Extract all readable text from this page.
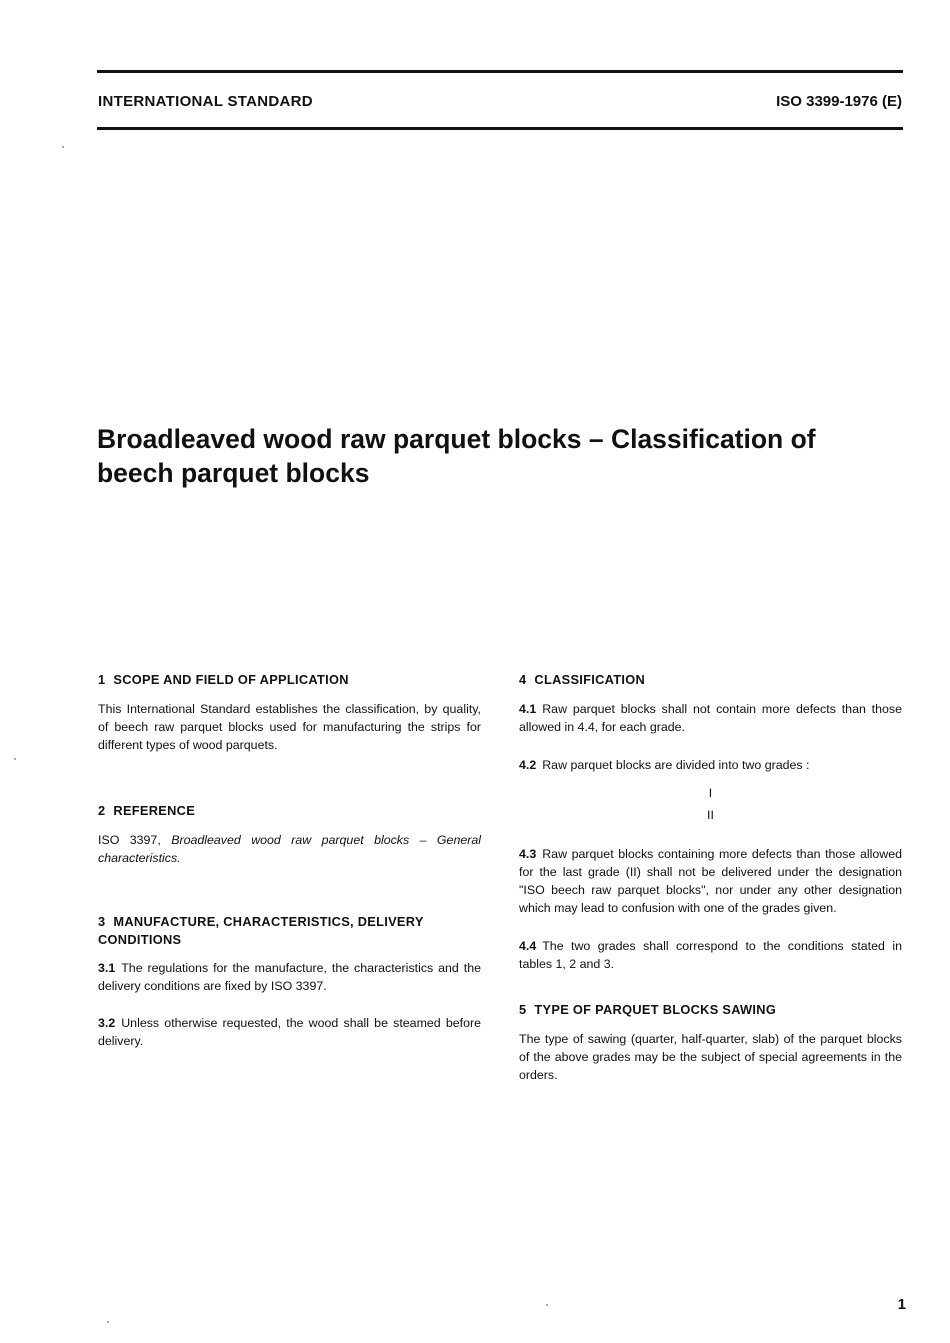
INTERNATIONAL STANDARD	ISO 3399-1976 (E)
Broadleaved wood raw parquet blocks – Classification of beech parquet blocks

1 SCOPE AND FIELD OF APPLICATION

This International Standard establishes the classification, by quality, of beech raw parquet blocks used for manufacturing the strips for different types of wood parquets.

2 REFERENCE

ISO 3397, Broadleaved wood raw parquet blocks – General characteristics.

3 MANUFACTURE, CHARACTERISTICS, DELIVERY CONDITIONS

3.1 The regulations for the manufacture, the characteristics and the delivery conditions are fixed by ISO 3397.

3.2 Unless otherwise requested, the wood shall be steamed before delivery.

4 CLASSIFICATION

4.1 Raw parquet blocks shall not contain more defects than those allowed in 4.4, for each grade.

4.2 Raw parquet blocks are divided into two grades :

I

II

4.3 Raw parquet blocks containing more defects than those allowed for the last grade (II) shall not be delivered under the designation "ISO beech raw parquet blocks", nor under any other designation which may lead to confusion with one of the grades given.

4.4 The two grades shall correspond to the conditions stated in tables 1, 2 and 3.

5 TYPE OF PARQUET BLOCKS SAWING

The type of sawing (quarter, half-quarter, slab) of the parquet blocks of the above grades may be the subject of special agreements in the orders.

1
